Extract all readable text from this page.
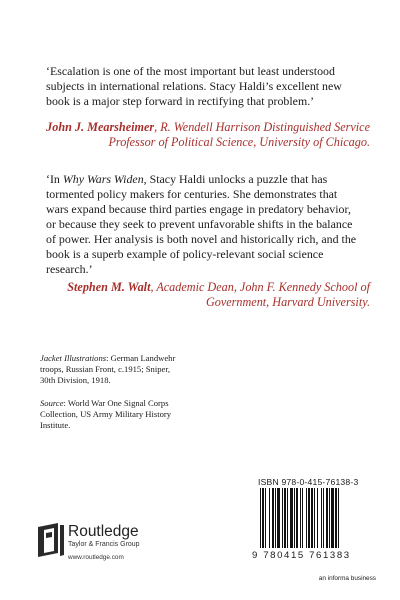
‘Escalation is one of the most important but least understood
subjects in international relations. Stacy Haldi’s excellent new
book is a major step forward in rectifying that problem.’

John J. Mearsheimer, R. Wendell Harrison Distinguished Service
Professor of Political Science, University of Chicago.

‘In Why Wars Widen, Stacy Haldi unlocks a puzzle that has
tormented policy makers for centuries. She demonstrates that
wars expand because third parties engage in predatory behavior,
or because they seek to prevent unfavorable shifts in the balance
of power. Her analysis is both novel and historically rich, and the
book is a superb example of policy-relevant social science
research.’

Stephen M. Walt, Academic Dean, John F. Kennedy School of
Government, Harvard University.

Jacket Illustrations: German Landwehr
troops, Russian Front, c.1915; Sniper,
30th Division, 1918.

Source: World War One Signal Corps
Collection, US Army Military History
Institute.

ISBN 978-0-415-76138-3
9 780415 761383
an informa business
Routledge
Taylor & Francis Group
www.routledge.com
